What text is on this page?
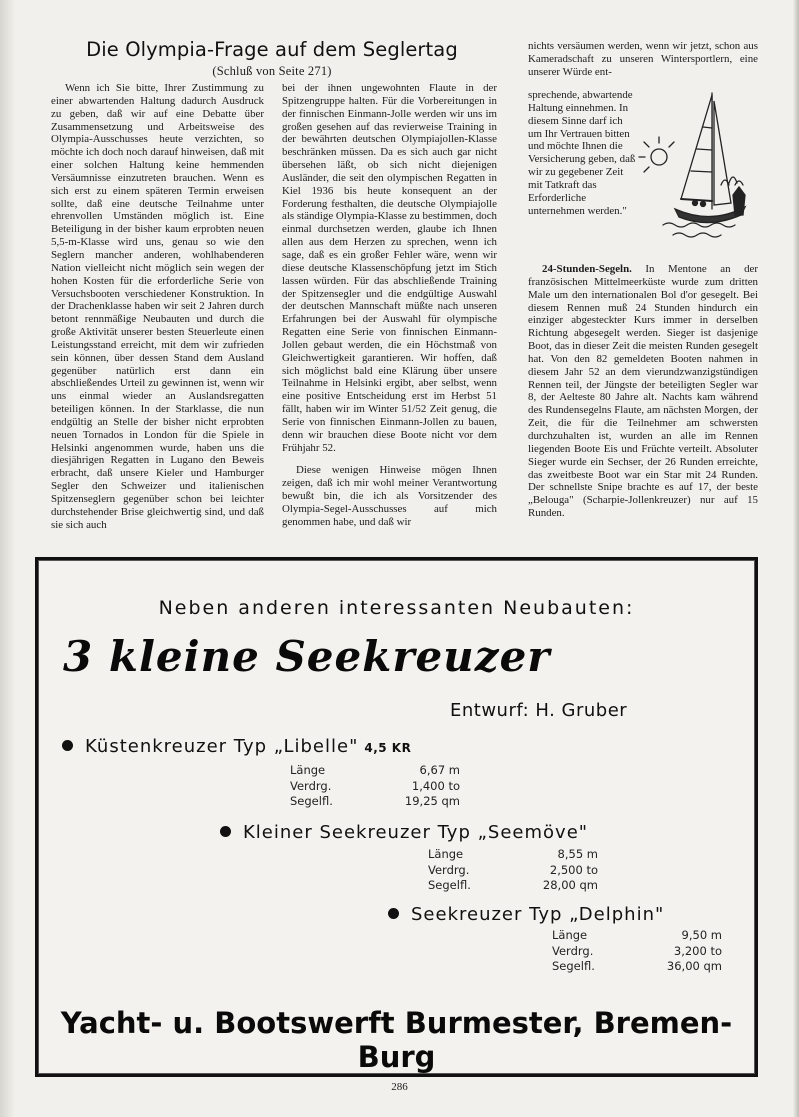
Die Olympia-Frage auf dem Seglertag
(Schluß von Seite 271)

Wenn ich Sie bitte, Ihrer Zustimmung zu einer abwartenden Haltung dadurch Ausdruck zu geben, daß wir auf eine Debatte über Zusammensetzung und Arbeitsweise des Olympia-Ausschusses heute verzichten, so möchte ich doch noch darauf hinweisen, daß mit einer solchen Haltung keine hemmenden Versäumnisse einzutreten brauchen. Wenn es sich erst zu einem späteren Termin erweisen sollte, daß eine deutsche Teilnahme unter ehrenvollen Umständen möglich ist. Eine Beteiligung in der bisher kaum erprobten neuen 5,5-m-Klasse wird uns, genau so wie den Seglern mancher anderen, wohlhabenderen Nation vielleicht nicht möglich sein wegen der hohen Kosten für die erforderliche Serie von Versuchsbooten verschiedener Konstruktion. In der Drachenklasse haben wir seit 2 Jahren durch betont rennmäßige Neubauten und durch die große Aktivität unserer besten Steuerleute einen Leistungsstand erreicht, mit dem wir zufrieden sein können, über dessen Stand dem Ausland gegenüber natürlich erst dann ein abschließendes Urteil zu gewinnen ist, wenn wir uns einmal wieder an Auslandsregatten beteiligen können. In der Starklasse, die nun endgültig an Stelle der bisher nicht erprobten neuen Tornados in London für die Spiele in Helsinki angenommen wurde, haben uns die diesjährigen Regatten in Lugano den Beweis erbracht, daß unsere Kieler und Hamburger Segler den Schweizer und italienischen Spitzenseglern gegenüber schon bei leichter durchstehender Brise gleichwertig sind, und daß sie sich auch

bei der ihnen ungewohnten Flaute in der Spitzengruppe halten. Für die Vorbereitungen in der finnischen Einmann-Jolle werden wir uns im großen gesehen auf das revierweise Training in der bewährten deutschen Olympiajollen-Klasse beschränken müssen. Da es sich auch gar nicht übersehen läßt, ob sich nicht diejenigen Ausländer, die seit den olympischen Regatten in Kiel 1936 bis heute konsequent an der Forderung festhalten, die deutsche Olympiajolle als ständige Olympia-Klasse zu bestimmen, doch einmal durchsetzen werden, glaube ich Ihnen allen aus dem Herzen zu sprechen, wenn ich sage, daß es ein großer Fehler wäre, wenn wir diese deutsche Klassenschöpfung jetzt im Stich lassen würden. Für das abschließende Training der Spitzensegler und die endgültige Auswahl der deutschen Mannschaft müßte nach unseren Erfahrungen bei der Auswahl für olympische Regatten eine Serie von finnischen Einmann-Jollen gebaut werden, die ein Höchstmaß von Gleichwertigkeit garantieren. Wir hoffen, daß sich möglichst bald eine Klärung über unsere Teilnahme in Helsinki ergibt, aber selbst, wenn eine positive Entscheidung erst im Herbst 51 fällt, haben wir im Winter 51/52 Zeit genug, die Serie von finnischen Einmann-Jollen zu bauen, denn wir brauchen diese Boote nicht vor dem Frühjahr 52.

Diese wenigen Hinweise mögen Ihnen zeigen, daß ich mir wohl meiner Verantwortung bewußt bin, die ich als Vorsitzender des Olympia-Segel-Ausschusses auf mich genommen habe, und daß wir

nichts versäumen werden, wenn wir jetzt, schon aus Kameradschaft zu unseren Wintersportlern, eine unserer Würde ent-
sprechende, abwartende Haltung einnehmen. In diesem Sinne darf ich um Ihr Vertrauen bitten und möchte Ihnen die Versicherung geben, daß wir zu gegebener Zeit mit Tatkraft das Erforderliche unternehmen werden."
24-Stunden-Segeln. In Mentone an der französischen Mittelmeerküste wurde zum dritten Male um den internationalen Bol d'or gesegelt. Bei diesem Rennen muß 24 Stunden hindurch ein einziger abgesteckter Kurs immer in derselben Richtung abgesegelt werden. Sieger ist dasjenige Boot, das in dieser Zeit die meisten Runden gesegelt hat. Von den 82 gemeldeten Booten nahmen in diesem Jahr 52 an dem vierundzwanzigstündigen Rennen teil, der Jüngste der beteiligten Segler war 8, der Aelteste 80 Jahre alt. Nachts kam während des Rundensegelns Flaute, am nächsten Morgen, der Zeit, die für die Teilnehmer am schwersten durchzuhalten ist, wurden an alle im Rennen liegenden Boote Eis und Früchte verteilt. Absoluter Sieger wurde ein Sechser, der 26 Runden erreichte, das zweitbeste Boot war ein Star mit 24 Runden. Der schnellste Snipe brachte es auf 17, der beste „Belouga" (Scharpie-Jollenkreuzer) nur auf 15 Runden.
Neben anderen interessanten Neubauten:
3 kleine Seekreuzer
Entwurf: H. Gruber
Küstenkreuzer Typ „Libelle" 4,5 KR
Länge	6,67 m
Verdrg.	1,400 to
Segelfl.	19,25 qm
Kleiner Seekreuzer Typ „Seemöve"
Länge	8,55 m
Verdrg.	2,500 to
Segelfl.	28,00 qm
Seekreuzer Typ „Delphin"
Länge	9,50 m
Verdrg.	3,200 to
Segelfl.	36,00 qm
Yacht- u. Bootswerft Burmester, Bremen-Burg
286
